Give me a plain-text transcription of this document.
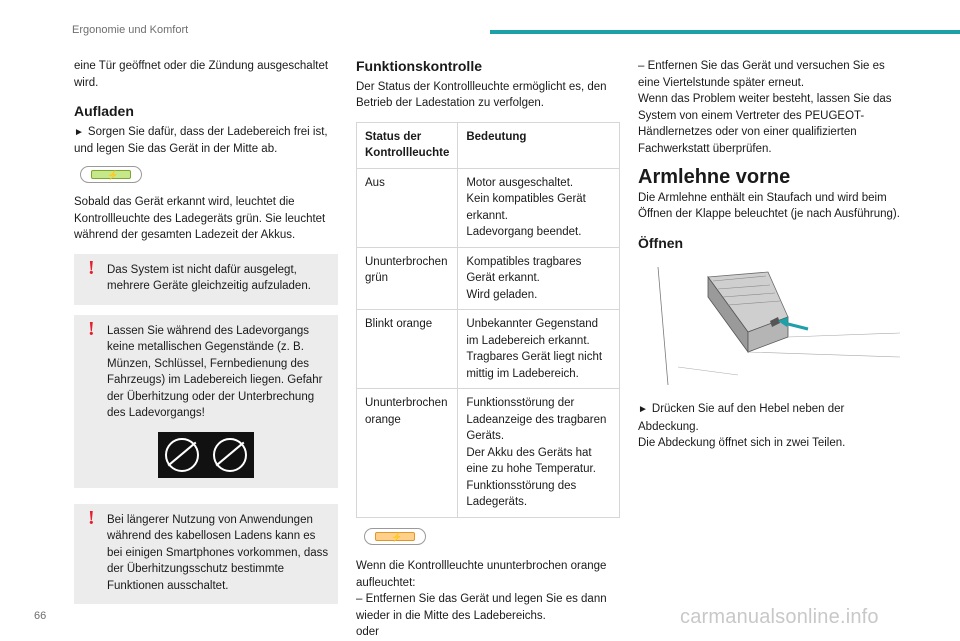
Ergonomie und Komfort

eine Tür geöffnet oder die Zündung ausgeschaltet wird.

Aufladen

► Sorgen Sie dafür, dass der Ladebereich frei ist, und legen Sie das Gerät in der Mitte ab.

⚡

Sobald das Gerät erkannt wird, leuchtet die Kontrollleuchte des Ladegeräts grün. Sie leuchtet während der gesamten Ladezeit der Akkus.

!	Das System ist nicht dafür ausgelegt, mehrere Geräte gleichzeitig aufzuladen.

!	Lassen Sie während des Ladevorgangs keine metallischen Gegenstände (z. B. Münzen, Schlüssel, Fernbedienung des Fahrzeugs) im Ladebereich liegen. Gefahr der Überhitzung oder der Unterbrechung des Ladevorgangs!

!	Bei längerer Nutzung von Anwendungen während des kabellosen Ladens kann es bei einigen Smartphones vorkommen, dass der Überhitzungsschutz bestimmte Funktionen ausschaltet.

Funktionskontrolle

Der Status der Kontrollleuchte ermöglicht es, den Betrieb der Ladestation zu verfolgen.

Status der Kontrollleuchte	Bedeutung
Aus	Motor ausgeschaltet.
Kein kompatibles Gerät erkannt.
Ladevorgang beendet.
Ununterbrochen grün	Kompatibles tragbares Gerät erkannt.
Wird geladen.
Blinkt orange	Unbekannter Gegenstand im Ladebereich erkannt.
Tragbares Gerät liegt nicht mittig im Ladebereich.
Ununterbrochen orange	Funktionsstörung der Ladeanzeige des tragbaren Geräts.
Der Akku des Geräts hat eine zu hohe Temperatur.
Funktionsstörung des Ladegeräts.
⚡

Wenn die Kontrollleuchte ununterbrochen orange aufleuchtet:

– Entfernen Sie das Gerät und legen Sie es dann wieder in die Mitte des Ladebereichs.

oder

– Entfernen Sie das Gerät und versuchen Sie es eine Viertelstunde später erneut.

Wenn das Problem weiter besteht, lassen Sie das System von einem Vertreter des PEUGEOT-Händlernetzes oder von einer qualifizierten Fachwerkstatt überprüfen.

Armlehne vorne

Die Armlehne enthält ein Staufach und wird beim Öffnen der Klappe beleuchtet (je nach Ausführung).

Öffnen

► Drücken Sie auf den Hebel neben der Abdeckung.

Die Abdeckung öffnet sich in zwei Teilen.

66	carmanualsonline.info
